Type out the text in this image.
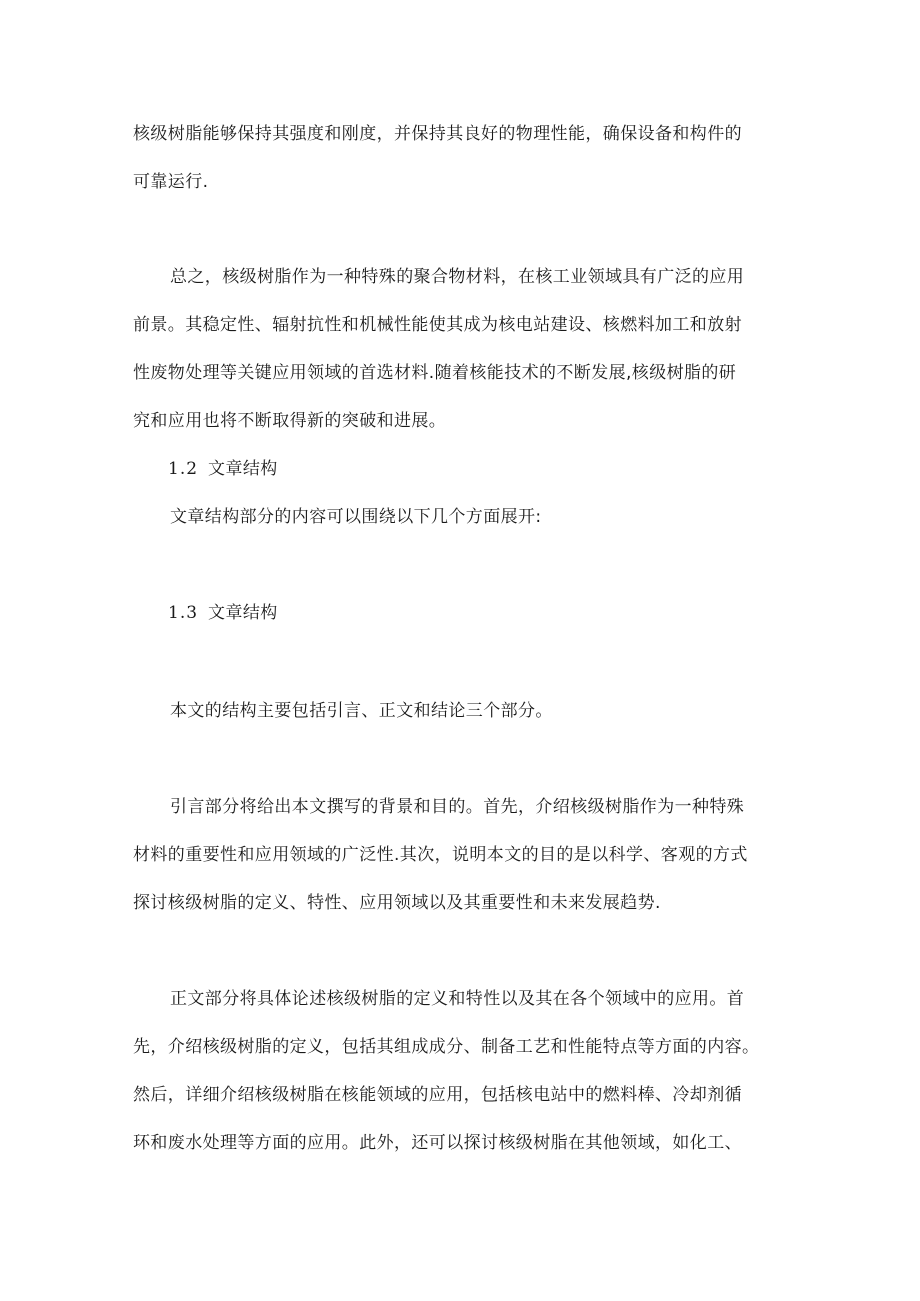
核级树脂能够保持其强度和刚度，并保持其良好的物理性能，确保设备和构件的
可靠运行.
总之，核级树脂作为一种特殊的聚合物材料，在核工业领域具有广泛的应用
前景。其稳定性、辐射抗性和机械性能使其成为核电站建设、核燃料加工和放射
性废物处理等关键应用领域的首选材料.随着核能技术的不断发展,核级树脂的研
究和应用也将不断取得新的突破和进展。
1.2 文章结构
文章结构部分的内容可以围绕以下几个方面展开:
1.3 文章结构
本文的结构主要包括引言、正文和结论三个部分。
引言部分将给出本文撰写的背景和目的。首先，介绍核级树脂作为一种特殊
材料的重要性和应用领域的广泛性.其次，说明本文的目的是以科学、客观的方式
探讨核级树脂的定义、特性、应用领域以及其重要性和未来发展趋势.
正文部分将具体论述核级树脂的定义和特性以及其在各个领域中的应用。首
先，介绍核级树脂的定义，包括其组成成分、制备工艺和性能特点等方面的内容。
然后，详细介绍核级树脂在核能领域的应用，包括核电站中的燃料棒、冷却剂循
环和废水处理等方面的应用。此外，还可以探讨核级树脂在其他领域，如化工、
